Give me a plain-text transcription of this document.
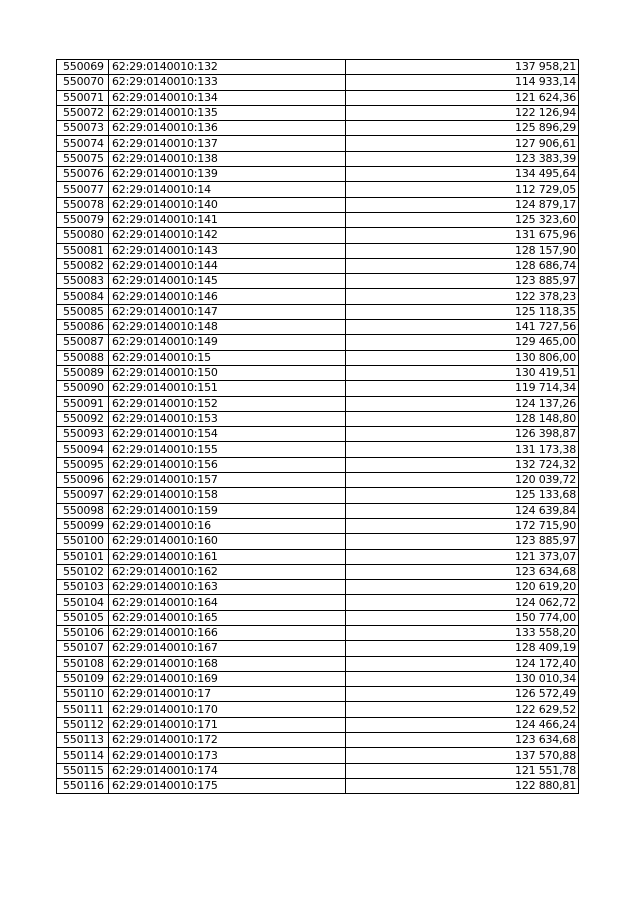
550069	62:29:0140010:132	137 958,21
550070	62:29:0140010:133	114 933,14
550071	62:29:0140010:134	121 624,36
550072	62:29:0140010:135	122 126,94
550073	62:29:0140010:136	125 896,29
550074	62:29:0140010:137	127 906,61
550075	62:29:0140010:138	123 383,39
550076	62:29:0140010:139	134 495,64
550077	62:29:0140010:14	112 729,05
550078	62:29:0140010:140	124 879,17
550079	62:29:0140010:141	125 323,60
550080	62:29:0140010:142	131 675,96
550081	62:29:0140010:143	128 157,90
550082	62:29:0140010:144	128 686,74
550083	62:29:0140010:145	123 885,97
550084	62:29:0140010:146	122 378,23
550085	62:29:0140010:147	125 118,35
550086	62:29:0140010:148	141 727,56
550087	62:29:0140010:149	129 465,00
550088	62:29:0140010:15	130 806,00
550089	62:29:0140010:150	130 419,51
550090	62:29:0140010:151	119 714,34
550091	62:29:0140010:152	124 137,26
550092	62:29:0140010:153	128 148,80
550093	62:29:0140010:154	126 398,87
550094	62:29:0140010:155	131 173,38
550095	62:29:0140010:156	132 724,32
550096	62:29:0140010:157	120 039,72
550097	62:29:0140010:158	125 133,68
550098	62:29:0140010:159	124 639,84
550099	62:29:0140010:16	172 715,90
550100	62:29:0140010:160	123 885,97
550101	62:29:0140010:161	121 373,07
550102	62:29:0140010:162	123 634,68
550103	62:29:0140010:163	120 619,20
550104	62:29:0140010:164	124 062,72
550105	62:29:0140010:165	150 774,00
550106	62:29:0140010:166	133 558,20
550107	62:29:0140010:167	128 409,19
550108	62:29:0140010:168	124 172,40
550109	62:29:0140010:169	130 010,34
550110	62:29:0140010:17	126 572,49
550111	62:29:0140010:170	122 629,52
550112	62:29:0140010:171	124 466,24
550113	62:29:0140010:172	123 634,68
550114	62:29:0140010:173	137 570,88
550115	62:29:0140010:174	121 551,78
550116	62:29:0140010:175	122 880,81
